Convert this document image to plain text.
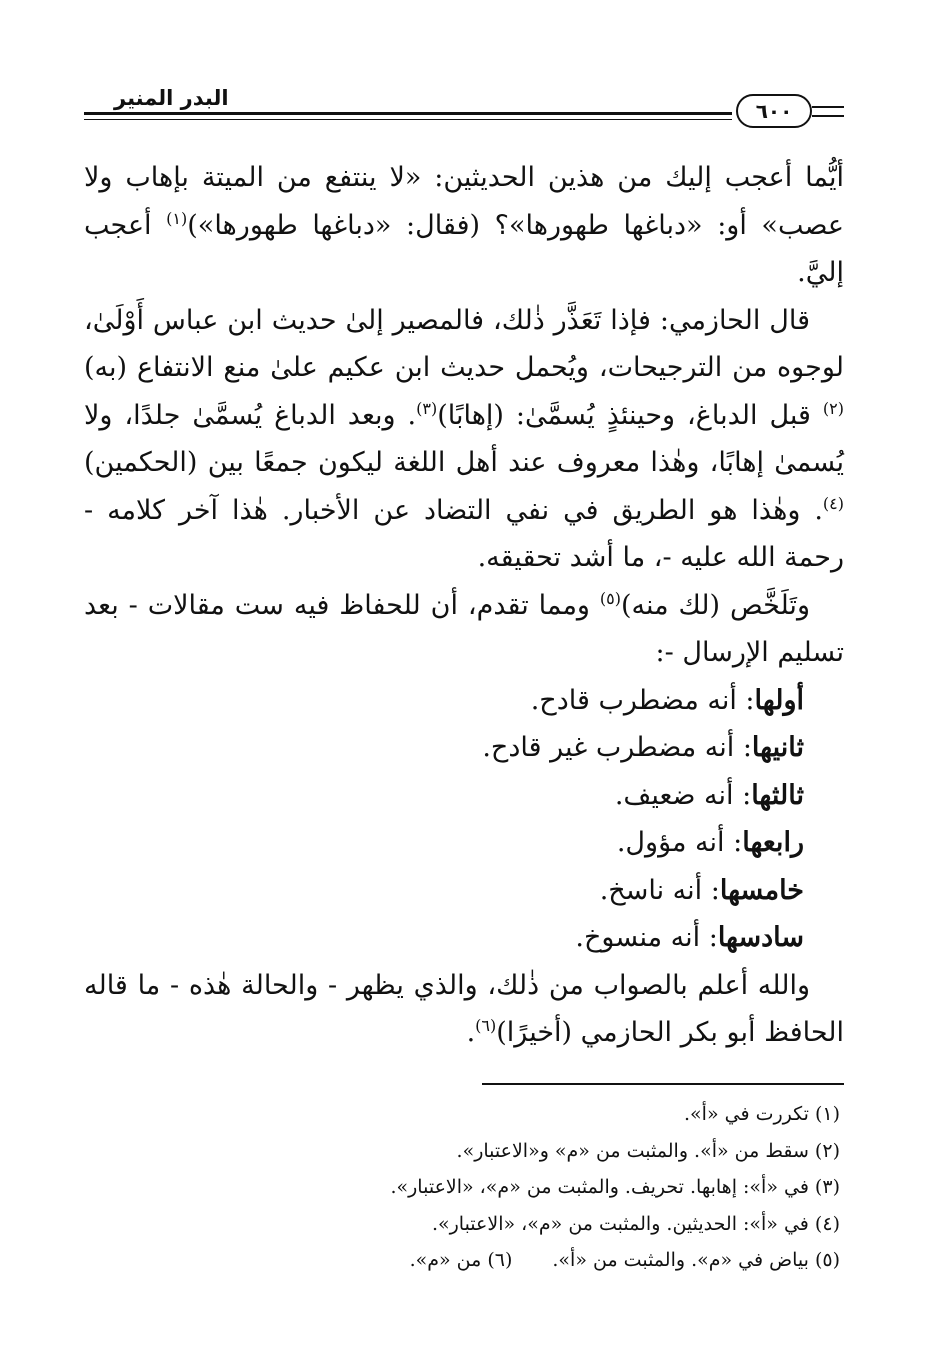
البدر المنير
٦٠٠

أيُّما أعجب إليك من هذين الحديثين: «لا ينتفع من الميتة بإهاب ولا عصب» أو: «دباغها طهورها»؟ (فقال: «دباغها طهورها»)$^{(١)}$ أعجب إليَّ.

قال الحازمي: فإذا تَعَذَّر ذٰلك، فالمصير إلىٰ حديث ابن عباس أَوْلَىٰ، لوجوه من الترجيحات، ويُحمل حديث ابن عكيم علىٰ منع الانتفاع (به)$^{(٢)}$ قبل الدباغ، وحينئذٍ يُسمَّىٰ: (إهابًا)$^{(٣)}$. وبعد الدباغ يُسمَّىٰ جلدًا، ولا يُسمىٰ إهابًا، وهٰذا معروف عند أهل اللغة ليكون جمعًا بين (الحكمين)$^{(٤)}$. وهٰذا هو الطريق في نفي التضاد عن الأخبار. هٰذا آخر كلامه - رحمة الله عليه -، ما أشد تحقيقه.

وتَلَخَّص (لك منه)$^{(٥)}$ ومما تقدم، أن للحفاظ فيه ست مقالات - بعد تسليم الإرسال -:

أولها: أنه مضطرب قادح.

ثانيها: أنه مضطرب غير قادح.

ثالثها: أنه ضعيف.

رابعها: أنه مؤول.

خامسها: أنه ناسخ.

سادسها: أنه منسوخ.

والله أعلم بالصواب من ذٰلك، والذي يظهر - والحالة هٰذه - ما قاله الحافظ أبو بكر الحازمي (أخيرًا)$^{(٦)}$.

(١) تكررت في «أ».

(٢) سقط من «أ». والمثبت من «م» و«الاعتبار».

(٣) في «أ»: إهابها. تحريف. والمثبت من «م»، «الاعتبار».

(٤) في «أ»: الحديثين. والمثبت من «م»، «الاعتبار».

(٥) بياض في «م». والمثبت من «أ».(٦) من «م».
